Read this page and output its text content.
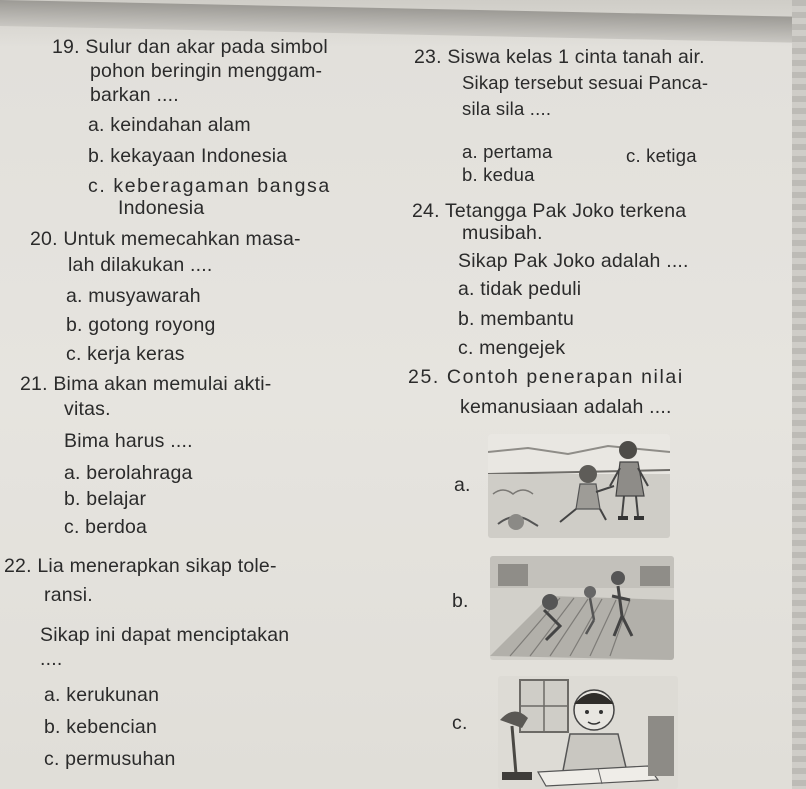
19. Sulur dan akar pada simbol
pohon beringin menggam-
barkan ....
a. keindahan alam
b. kekayaan Indonesia
c. keberagaman bangsa
Indonesia
20. Untuk memecahkan masa-
lah dilakukan ....
a. musyawarah
b. gotong royong
c. kerja keras
21. Bima akan memulai akti-
vitas.
Bima harus ....
a. berolahraga
b. belajar
c. berdoa
22. Lia menerapkan sikap tole-
ransi.
Sikap ini dapat menciptakan
....
a. kerukunan
b. kebencian
c. permusuhan
23. Siswa kelas 1 cinta tanah air.
Sikap tersebut sesuai Panca-
sila sila ....
a. pertama	c. ketiga
b. kedua
24. Tetangga Pak Joko terkena
musibah.
Sikap Pak Joko adalah ....
a. tidak peduli
b. membantu
c. mengejek
25. Contoh penerapan nilai
kemanusiaan adalah ....
a.
b.
c.
